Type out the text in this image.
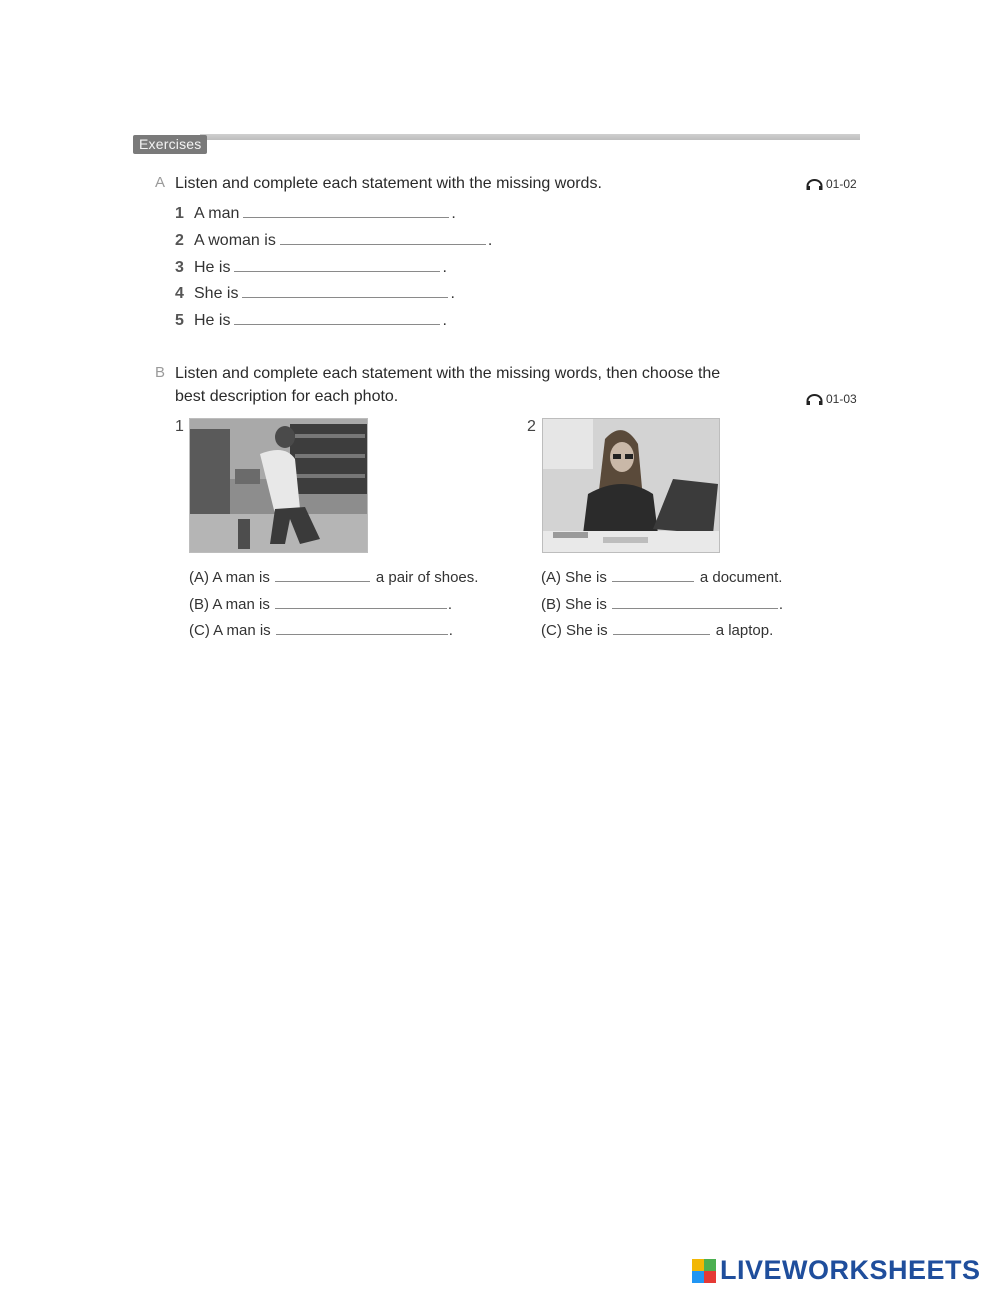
Exercises
A Listen and complete each statement with the missing words.	01-02
1 A man	.
2 A woman is	.
3 He is	.
4 She is	.
5 He is	.
B Listen and complete each statement with the missing words, then choose the
best description for each photo.	01-03
1	2
(A) A man is	a pair of shoes.
(B) A man is	.
(C) A man is	.
(A) She is	a document.
(B) She is	.
(C) She is	a laptop.
LIVEWORKSHEETS
